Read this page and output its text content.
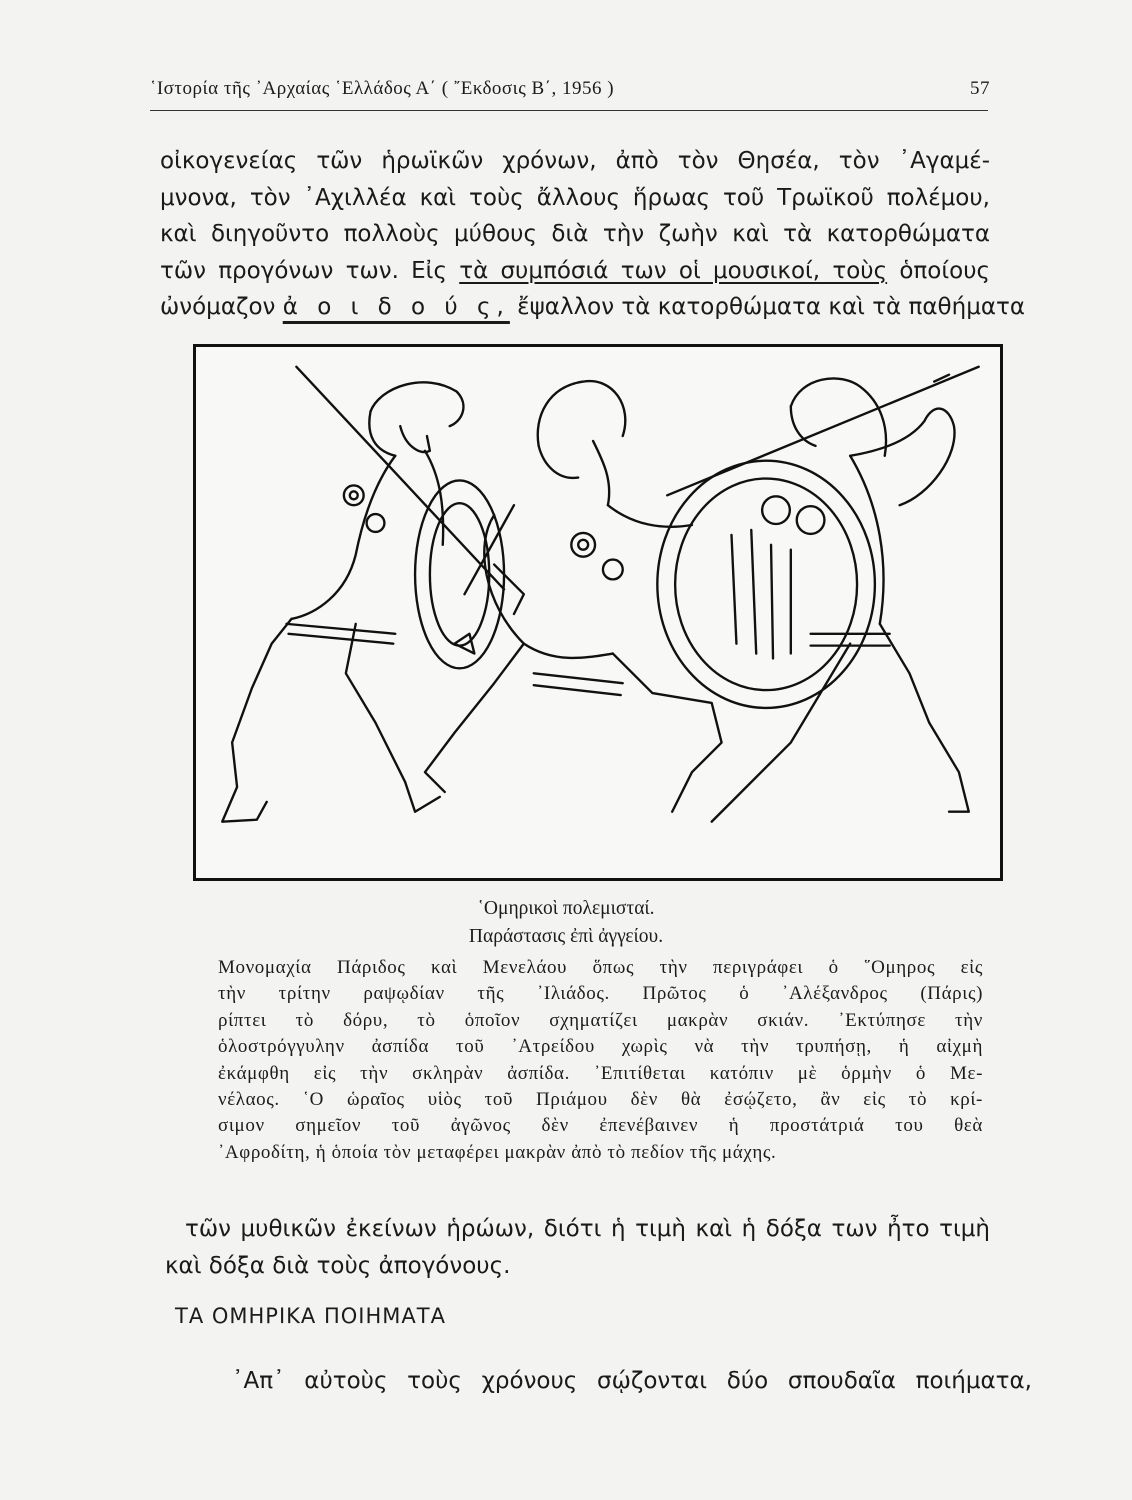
῾Ιστορία τῆς ᾿Αρχαίας ῾Ελλάδος Α΄ ( ῎Εκδοσις Β΄, 1956 )	57
οἰκογενείας τῶν ἡρωϊκῶν χρόνων, ἀπὸ τὸν Θησέα, τὸν ᾿Αγαμέ-
μνονα, τὸν ᾿Αχιλλέα καὶ τοὺς ἄλλους ἥρωας τοῦ Τρωϊκοῦ πολέμου,
καὶ διηγοῦντο πολλοὺς μύθους διὰ τὴν ζωὴν καὶ τὰ κατορθώματα
τῶν προγόνων των. Εἰς τὰ συμπόσιά των οἱ μουσικοί, τοὺς ὁποίους
ὠνόμαζον ἀ ο ι δ ο ύ ς, ἔψαλλον τὰ κατορθώματα καὶ τὰ παθήματα
῾Ομηρικοὶ πολεμισταί.
Παράστασις ἐπὶ ἀγγείου.
Μονομαχία Πάριδος καὶ Μενελάου ὅπως τὴν περιγράφει ὁ ῞Ομηρος εἰς
τὴν τρίτην ραψῳδίαν τῆς ᾿Ιλιάδος. Πρῶτος ὁ ᾿Αλέξανδρος (Πάρις)
ρίπτει τὸ δόρυ, τὸ ὁποῖον σχηματίζει μακρὰν σκιάν. ᾿Εκτύπησε τὴν
ὁλοστρόγγυλην ἀσπίδα τοῦ ᾿Ατρείδου χωρὶς νὰ τὴν τρυπήσῃ, ἡ αἰχμὴ
ἐκάμφθη εἰς τὴν σκληρὰν ἀσπίδα. ᾿Επιτίθεται κατόπιν μὲ ὁρμὴν ὁ Με-
νέλαος. ῾Ο ὡραῖος υἱὸς τοῦ Πριάμου δὲν θὰ ἐσῴζετο, ἂν εἰς τὸ κρί-
σιμον σημεῖον τοῦ ἀγῶνος δὲν ἐπενέβαινεν ἡ προστάτριά του θεὰ
᾿Αφροδίτη, ἡ ὁποία τὸν μεταφέρει μακρὰν ἀπὸ τὸ πεδίον τῆς μάχης.
τῶν μυθικῶν ἐκείνων ἡρώων, διότι ἡ τιμὴ καὶ ἡ δόξα των ἦτο τιμὴ
καὶ δόξα διὰ τοὺς ἀπογόνους.
ΤΑ ΟΜΗΡΙΚΑ ΠΟΙΗΜΑΤΑ
᾿Απ᾿ αὐτοὺς τοὺς χρόνους σῴζονται δύο σπουδαῖα ποιήματα,
